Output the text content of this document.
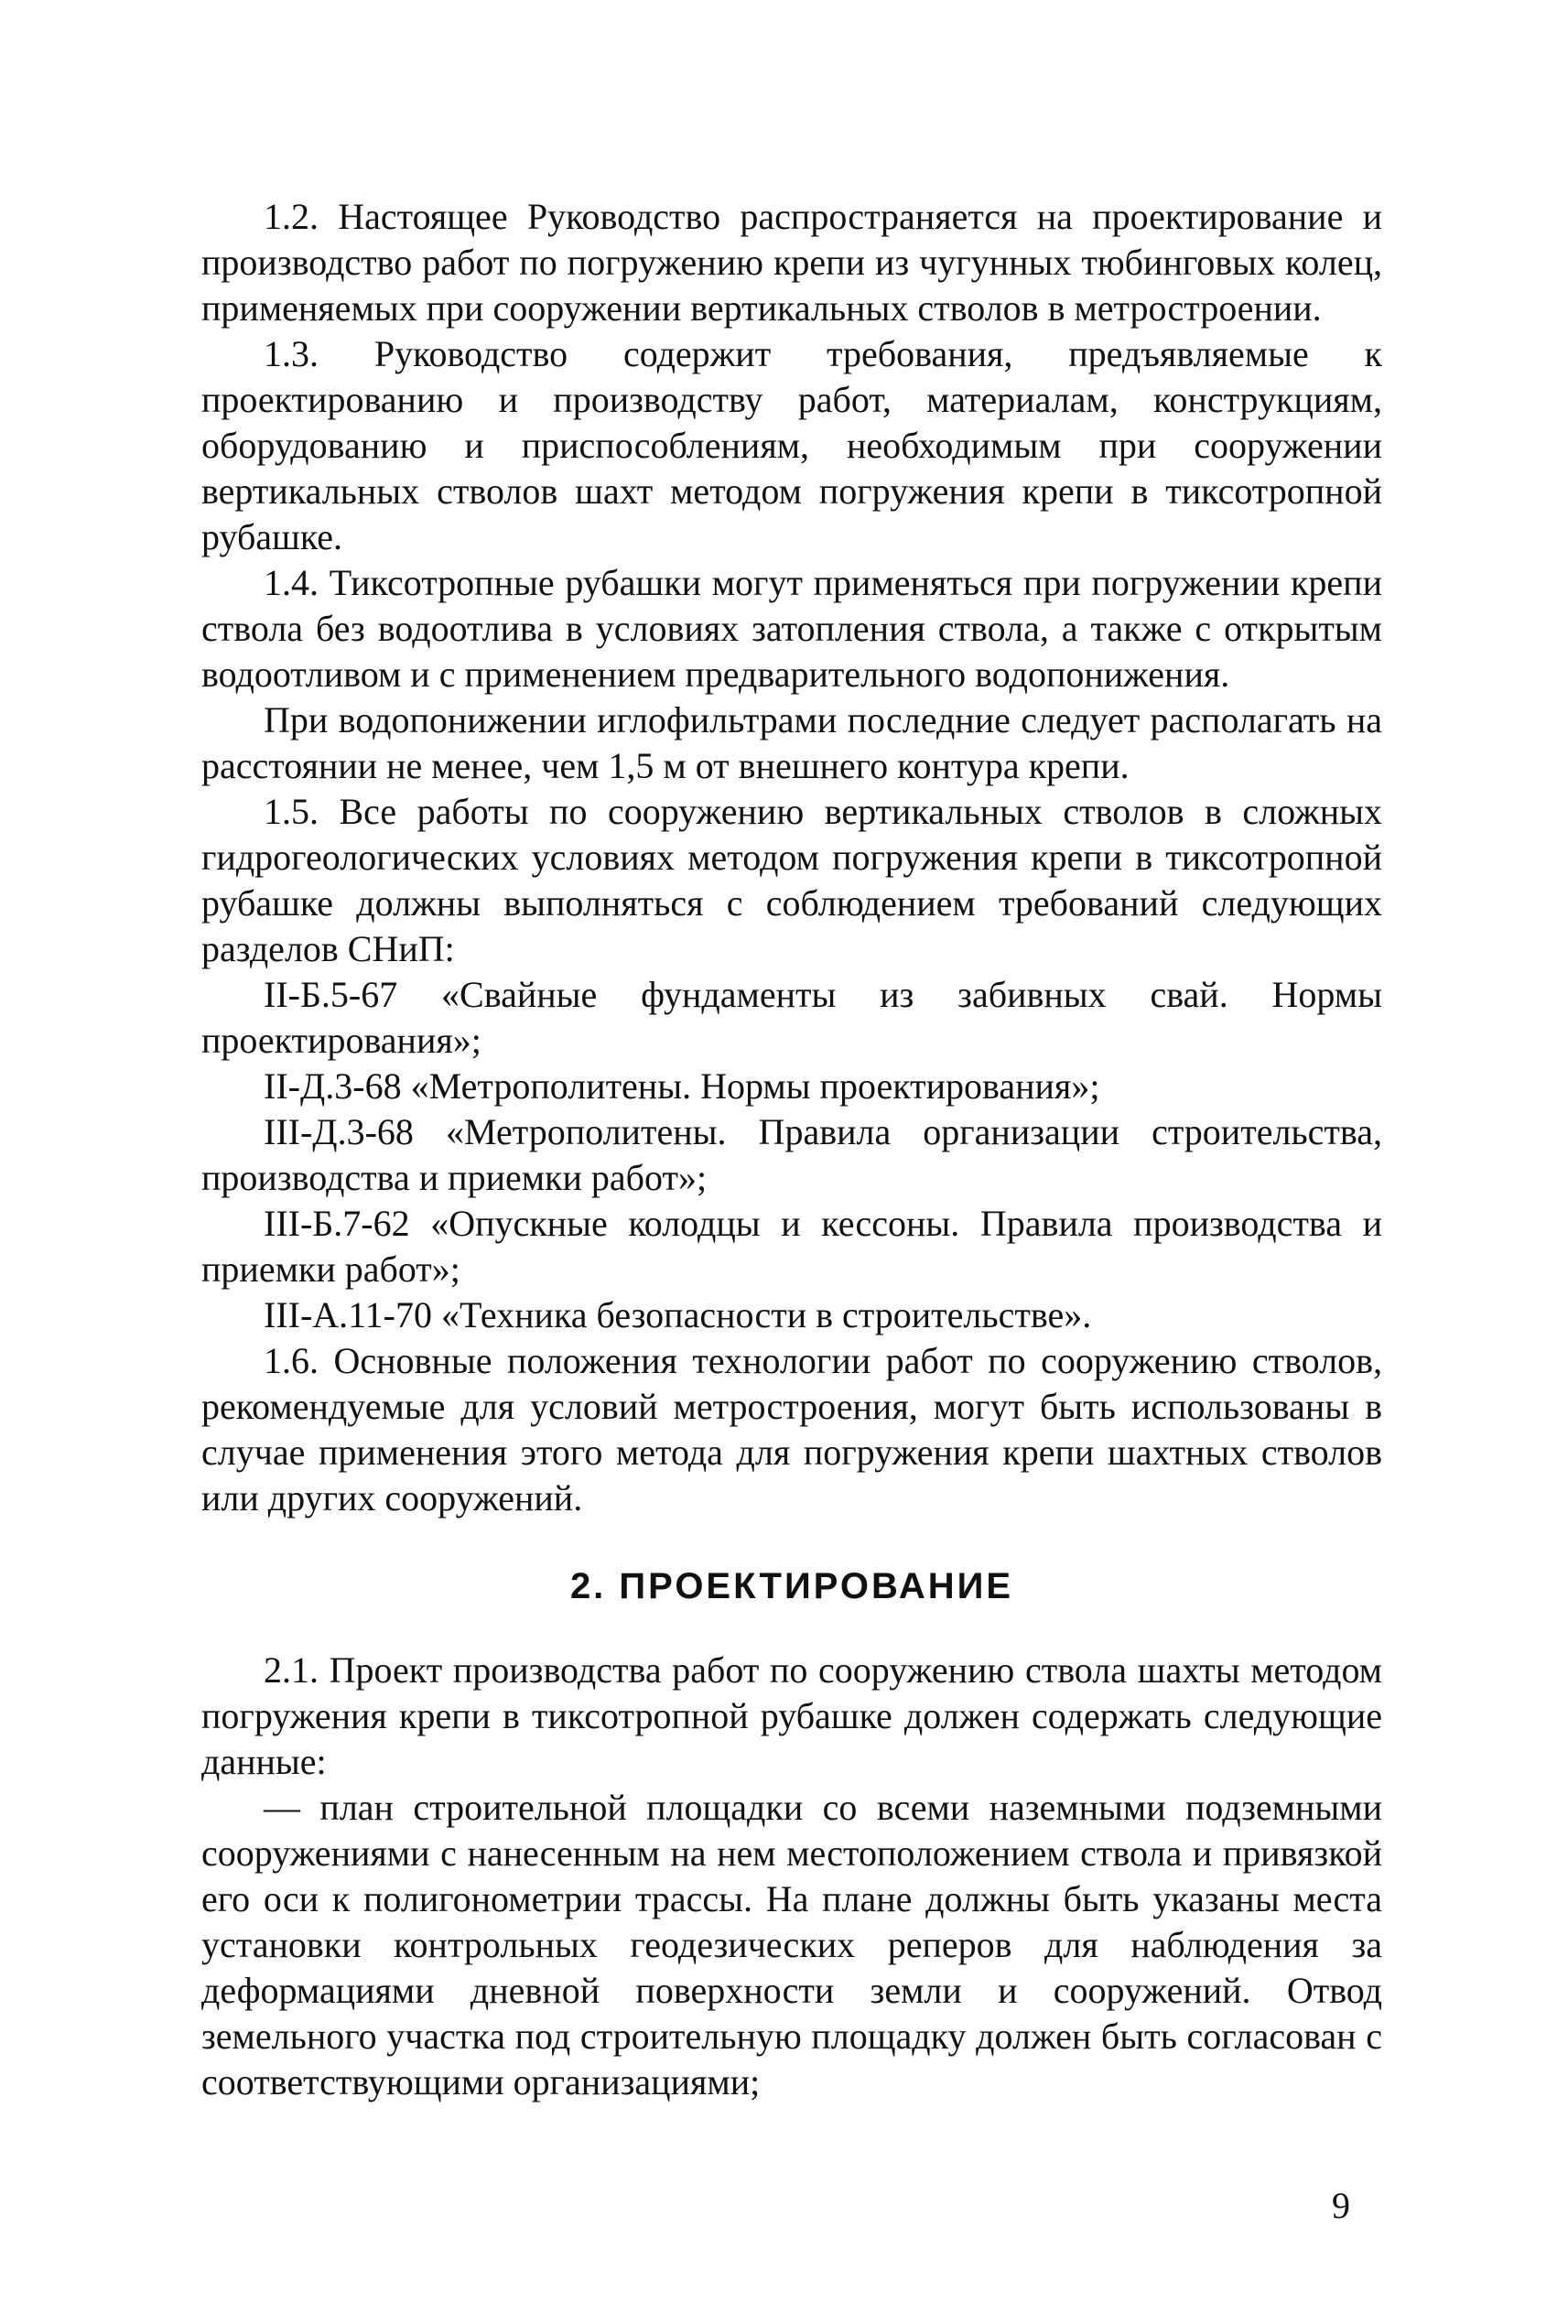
1.2. Настоящее Руководство распространяется на проектирование и производство работ по погружению крепи из чугунных тюбинговых колец, применяемых при сооружении вертикальных стволов в метростроении.

1.3. Руководство содержит требования, предъявляемые к проектированию и производству работ, материалам, конструкциям, оборудованию и приспособлениям, необходимым при сооружении вертикальных стволов шахт методом погружения крепи в тиксотропной рубашке.

1.4. Тиксотропные рубашки могут применяться при погружении крепи ствола без водоотлива в условиях затопления ствола, а также с открытым водоотливом и с применением предварительного водопонижения.

При водопонижении иглофильтрами последние следует располагать на расстоянии не менее, чем 1,5 м от внешнего контура крепи.

1.5. Все работы по сооружению вертикальных стволов в сложных гидрогеологических условиях методом погружения крепи в тиксотропной рубашке должны выполняться с соблюдением требований следующих разделов СНиП:

II-Б.5-67 «Свайные фундаменты из забивных свай. Нормы проектирования»;

II-Д.3-68 «Метрополитены. Нормы проектирования»;

III-Д.3-68 «Метрополитены. Правила организации строительства, производства и приемки работ»;

III-Б.7-62 «Опускные колодцы и кессоны. Правила производства и приемки работ»;

III-А.11-70 «Техника безопасности в строительстве».

1.6. Основные положения технологии работ по сооружению стволов, рекомендуемые для условий метростроения, могут быть использованы в случае применения этого метода для погружения крепи шахтных стволов или других сооружений.

2. ПРОЕКТИРОВАНИЕ

2.1. Проект производства работ по сооружению ствола шахты методом погружения крепи в тиксотропной рубашке должен содержать следующие данные:

— план строительной площадки со всеми наземными подземными сооружениями с нанесенным на нем местоположением ствола и привязкой его оси к полигонометрии трассы. На плане должны быть указаны места установки контрольных геодезических реперов для наблюдения за деформациями дневной поверхности земли и сооружений. Отвод земельного участка под строительную площадку должен быть согласован с соответствующими организациями;

9
